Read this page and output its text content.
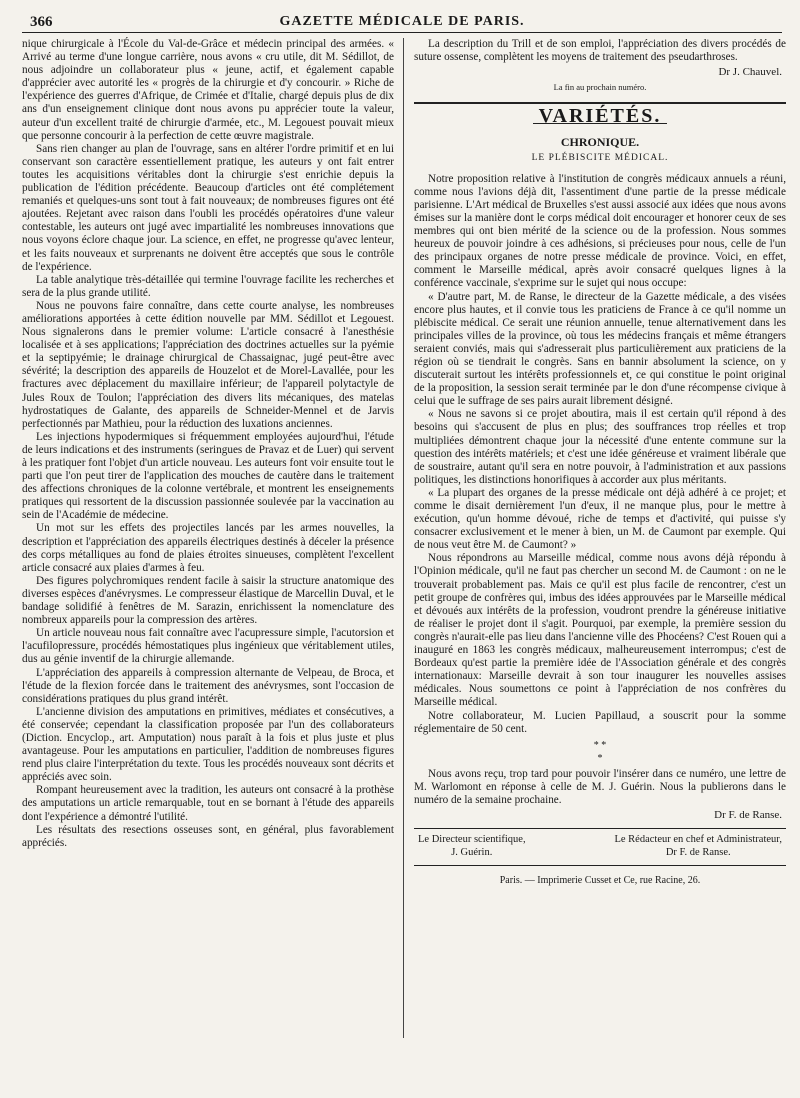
366	GAZETTE MÉDICALE DE PARIS.

nique chirurgicale à l'École du Val-de-Grâce et médecin principal des armées. « Arrivé au terme d'une longue carrière, nous avons « cru utile, dit M. Sédillot, de nous adjoindre un collaborateur plus « jeune, actif, et également capable d'apprécier avec autorité les « progrès de la chirurgie et d'y concourir. » Riche de l'expérience des guerres d'Afrique, de Crimée et d'Italie, chargé depuis plus de dix ans d'un enseignement clinique dont nous avons pu apprécier toute la valeur, auteur d'un excellent traité de chirurgie d'armée, etc., M. Legouest pouvait mieux que personne concourir à la perfection de cette œuvre magistrale.

Sans rien changer au plan de l'ouvrage, sans en altérer l'ordre primitif et en lui conservant son caractère essentiellement pratique, les auteurs y ont fait entrer toutes les acquisitions véritables dont la chirurgie s'est enrichie depuis la publication de l'édition précédente. Beaucoup d'articles ont été complétement remaniés et quelques-uns sont tout à fait nouveaux; de nombreuses figures ont été ajoutées. Rejetant avec raison dans l'oubli les procédés opératoires d'une valeur contestable, les auteurs ont jugé avec impartialité les nombreuses innovations que nous voyons éclore chaque jour. La science, en effet, ne progresse qu'avec lenteur, et les faits nouveaux et surprenants ne doivent être acceptés que sous le contrôle de l'expérience.

La table analytique très-détaillée qui termine l'ouvrage facilite les recherches et sera de la plus grande utilité.

Nous ne pouvons faire connaître, dans cette courte analyse, les nombreuses améliorations apportées à cette édition nouvelle par MM. Sédillot et Legouest. Nous signalerons dans le premier volume: L'article consacré à l'anesthésie localisée et à ses applications; l'appréciation des doctrines actuelles sur la pyémie et la septipyémie; le drainage chirurgical de Chassaignac, jugé peut-être avec sévérité; la description des appareils de Houzelot et de Morel-Lavallée, pour les fractures avec déplacement du maxillaire inférieur; de l'appareil polytactyle de Jules Roux de Toulon; l'appréciation des divers lits mécaniques, des matelas hydrostatiques de Galante, des appareils de Schneider-Mennel et de Jarvis perfectionnés par Mathieu, pour la réduction des luxations anciennes.

Les injections hypodermiques si fréquemment employées aujourd'hui, l'étude de leurs indications et des instruments (seringues de Pravaz et de Luer) qui servent à les pratiquer font l'objet d'un article nouveau. Les auteurs font voir ensuite tout le parti que l'on peut tirer de l'application des mouches de cautère dans le traitement des affections chroniques de la colonne vertébrale, et montrent les enseignements pratiques qui ressortent de la discussion passionnée soulevée par la vaccination au sein de l'Académie de médecine.

Un mot sur les effets des projectiles lancés par les armes nouvelles, la description et l'appréciation des appareils électriques destinés à déceler la présence des corps métalliques au fond de plaies étroites sinueuses, complètent l'excellent article consacré aux plaies d'armes à feu.

Des figures polychromiques rendent facile à saisir la structure anatomique des diverses espèces d'anévrysmes. Le compresseur élastique de Marcellin Duval, et le bandage solidifié à fenêtres de M. Sarazin, enrichissent la nomenclature des nombreux appareils pour la compression des artères.

Un article nouveau nous fait connaître avec l'acupressure simple, l'acutorsion et l'acufilopressure, procédés hémostatiques plus ingénieux que véritablement utiles, dus au génie inventif de la chirurgie allemande.

L'appréciation des appareils à compression alternante de Velpeau, de Broca, et l'étude de la flexion forcée dans le traitement des anévrysmes, sont l'occasion de considérations pratiques du plus grand intérêt.

L'ancienne division des amputations en primitives, médiates et consécutives, a été conservée; cependant la classification proposée par l'un des collaborateurs (Diction. Encyclop., art. Amputation) nous paraît à la fois et plus juste et plus avantageuse. Pour les amputations en particulier, l'addition de nombreuses figures rend plus claire l'interprétation du texte. Tous les procédés nouveaux sont décrits et appréciés avec soin.

Rompant heureusement avec la tradition, les auteurs ont consacré à la prothèse des amputations un article remarquable, tout en se bornant à l'étude des appareils dont l'expérience a démontré l'utilité.

Les résultats des resections osseuses sont, en général, plus favorablement appréciés.

La description du Trill et de son emploi, l'appréciation des divers procédés de suture ossense, complètent les moyens de traitement des pseudarthroses.

Dr J. Chauvel.
La fin au prochain numéro.
VARIÉTÉS.
CHRONIQUE.
LE PLÉBISCITE MÉDICAL.

Notre proposition relative à l'institution de congrès médicaux annuels a réuni, comme nous l'avions déjà dit, l'assentiment d'une partie de la presse médicale parisienne. L'Art médical de Bruxelles s'est aussi associé aux idées que nous avons émises sur la manière dont le corps médical doit encourager et honorer ceux de ses membres qui ont bien mérité de la science ou de la profession. Nous sommes heureux de pouvoir joindre à ces adhésions, si précieuses pour nous, celle de l'un des principaux organes de notre presse médicale de province. Voici, en effet, comment le Marseille médical, après avoir consacré quelques lignes à la conférence vaccinale, s'exprime sur le sujet qui nous occupe:

« D'autre part, M. de Ranse, le directeur de la Gazette médicale, a des visées encore plus hautes, et il convie tous les praticiens de France à ce qu'il nomme un plébiscite médical. Ce serait une réunion annuelle, tenue alternativement dans les principales villes de la province, où tous les médecins français et même étrangers seraient conviés, mais qui s'adresserait plus particulièrement aux praticiens de la région où se tiendrait le congrès. Sans en bannir absolument la science, on y discuterait surtout les intérêts professionnels et, ce qui constitue le point original de la proposition, la session serait terminée par le don d'une récompense civique à celui que le suffrage de ses pairs aurait librement désigné.

« Nous ne savons si ce projet aboutira, mais il est certain qu'il répond à des besoins qui s'accusent de plus en plus; des souffrances trop réelles et trop multipliées démontrent chaque jour la nécessité d'une entente commune sur la question des intérêts matériels; et c'est une idée généreuse et vraiment libérale que de soustraire, autant qu'il sera en notre pouvoir, à l'administration et aux passions politiques, les distinctions honorifiques à accorder aux plus méritants.

« La plupart des organes de la presse médicale ont déjà adhéré à ce projet; et comme le disait dernièrement l'un d'eux, il ne manque plus, pour le mettre à exécution, qu'un homme dévoué, riche de temps et d'activité, qui puisse s'y consacrer exclusivement et le mener à bien, un M. de Caumont par exemple. Qui de nous veut être M. de Caumont? »

Nous répondrons au Marseille médical, comme nous avons déjà répondu à l'Opinion médicale, qu'il ne faut pas chercher un second M. de Caumont : on ne le trouverait probablement pas. Mais ce qu'il est plus facile de rencontrer, c'est un petit groupe de confrères qui, imbus des idées approuvées par le Marseille médical et dévoués aux intérêts de la profession, voudront prendre la généreuse initiative de réaliser le projet dont il s'agit. Pourquoi, par exemple, la première session du congrès n'aurait-elle pas lieu dans l'ancienne ville des Phocéens? C'est Rouen qui a inauguré en 1863 les congrès médicaux, malheureusement interrompus; c'est de Bordeaux qu'est partie la première idée de l'Association générale et des congrès internationaux: Marseille devrait à son tour inaugurer les nouvelles assises médicales. Nous soumettons ce point à l'appréciation de nos confrères du Marseille médical.

Notre collaborateur, M. Lucien Papillaud, a souscrit pour la somme réglementaire de 50 cent.

* *
*

Nous avons reçu, trop tard pour pouvoir l'insérer dans ce numéro, une lettre de M. Warlomont en réponse à celle de M. J. Guérin. Nous la publierons dans le numéro de la semaine prochaine.

Dr F. de Ranse.
Le Directeur scientifique,
J. Guérin.
Le Rédacteur en chef et Administrateur,
Dr F. de Ranse.
Paris. — Imprimerie Cusset et Ce, rue Racine, 26.
